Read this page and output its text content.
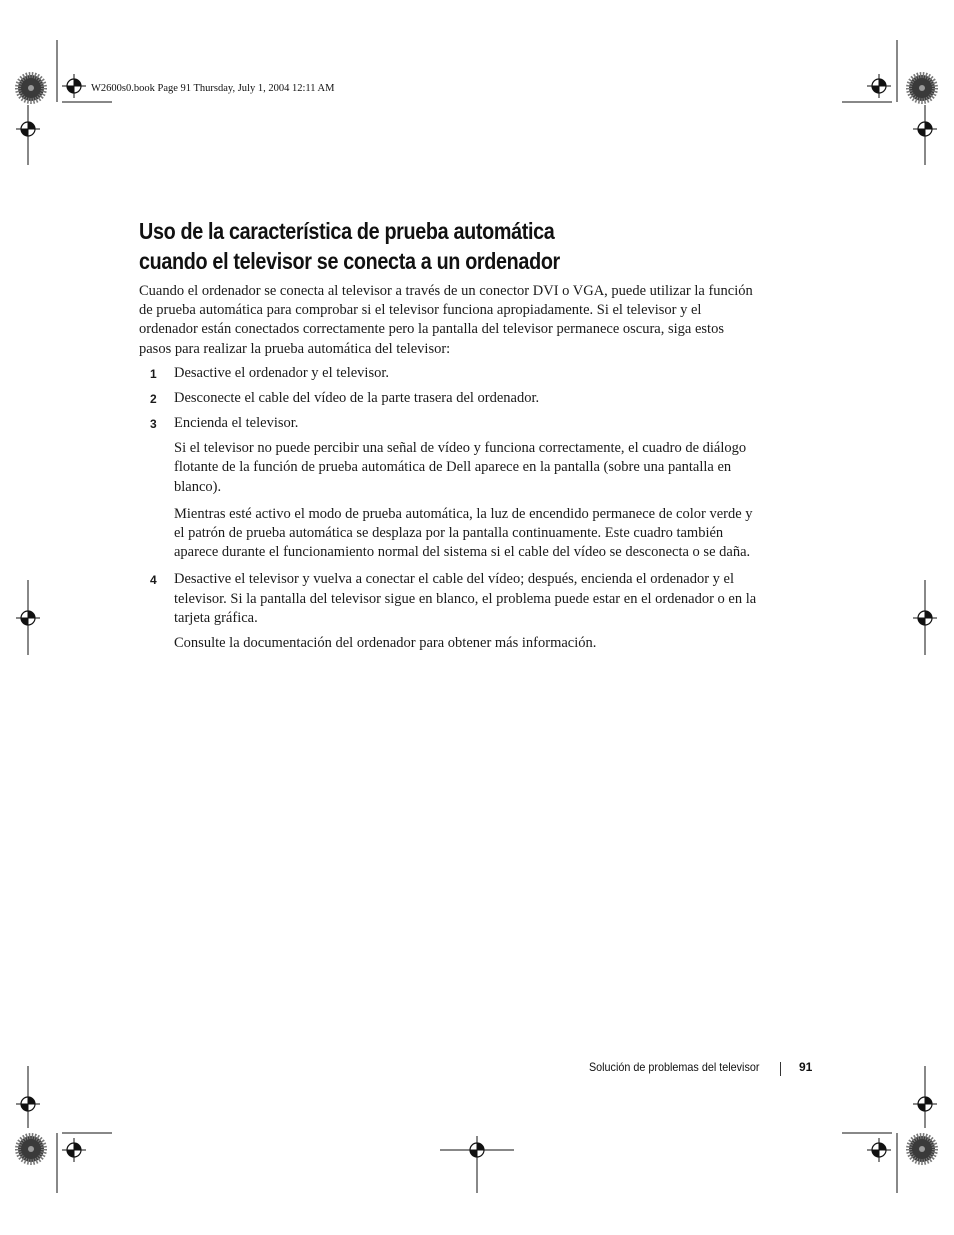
W2600s0.book Page 91 Thursday, July 1, 2004 12:11 AM
Uso de la característica de prueba automática
cuando el televisor se conecta a un ordenador

Cuando el ordenador se conecta al televisor a través de un conector DVI o VGA, puede utilizar la función de prueba automática para comprobar si el televisor funciona apropiadamente. Si el televisor y el ordenador están conectados correctamente pero la pantalla del televisor permanece oscura, siga estos pasos para realizar la prueba automática del televisor:

1 Desactive el ordenador y el televisor.

2 Desconecte el cable del vídeo de la parte trasera del ordenador.

3 Encienda el televisor.

Si el televisor no puede percibir una señal de vídeo y funciona correctamente, el cuadro de diálogo flotante de la función de prueba automática de Dell aparece en la pantalla (sobre una pantalla en blanco).

Mientras esté activo el modo de prueba automática, la luz de encendido permanece de color verde y el patrón de prueba automática se desplaza por la pantalla continuamente. Este cuadro también aparece durante el funcionamiento normal del sistema si el cable del vídeo se desconecta o se daña.

4 Desactive el televisor y vuelva a conectar el cable del vídeo; después, encienda el ordenador y el televisor. Si la pantalla del televisor sigue en blanco, el problema puede estar en el ordenador o en la tarjeta gráfica.

Consulte la documentación del ordenador para obtener más información.

Solución de problemas del televisor	91
